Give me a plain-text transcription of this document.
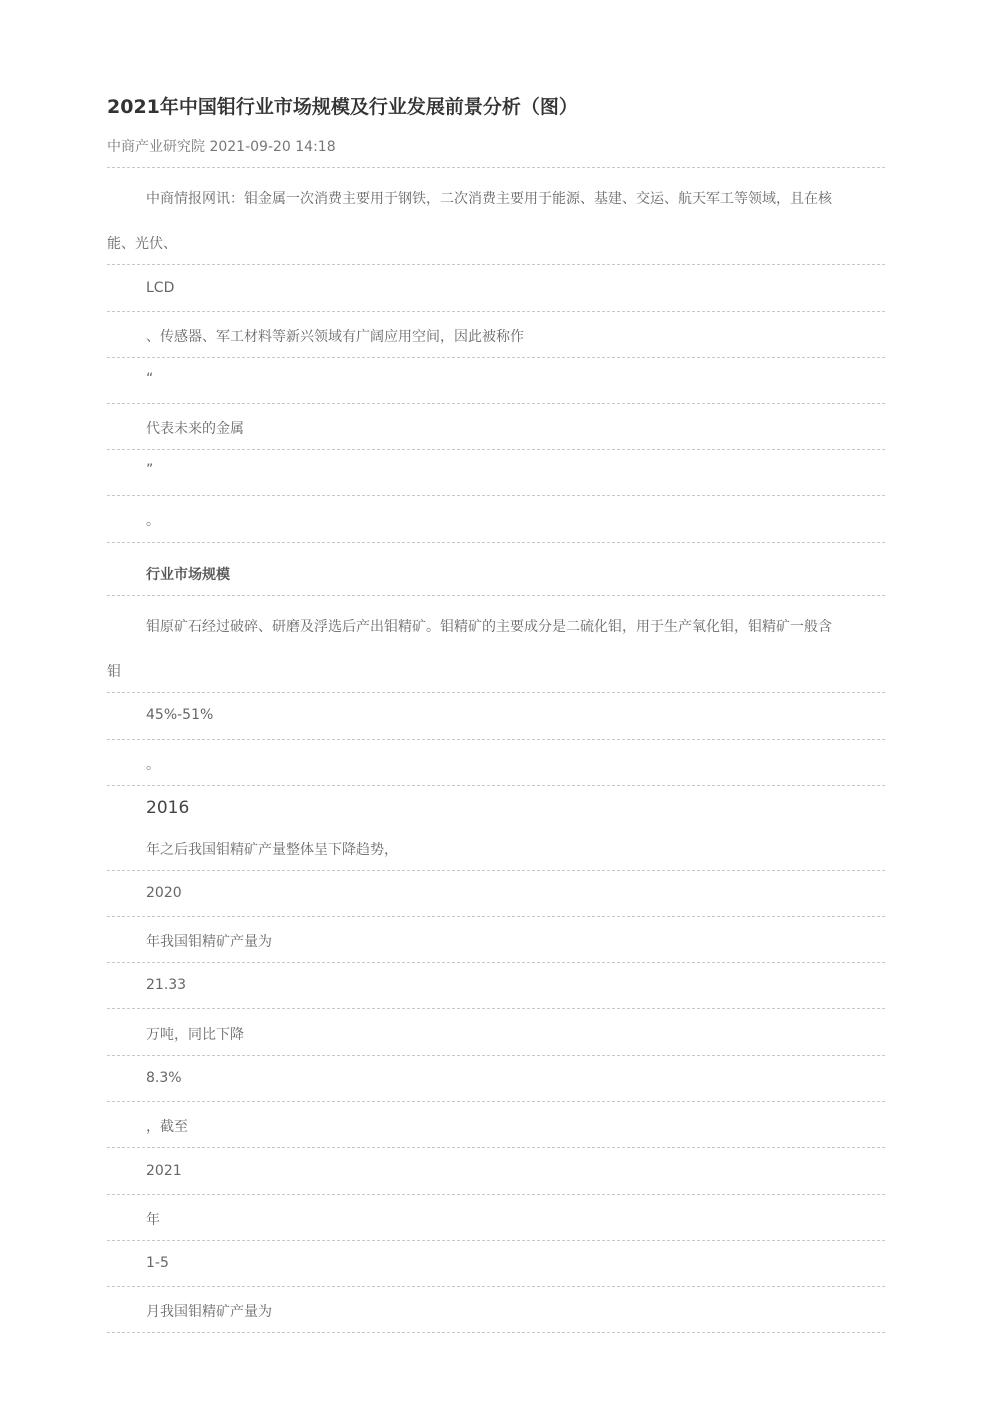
2021年中国钼行业市场规模及行业发展前景分析（图）
中商产业研究院 2021-09-20 14:18
中商情报网讯：钼金属一次消费主要用于钢铁，二次消费主要用于能源、基建、交运、航天军工等领域，且在核
能、光伏、
LCD
、传感器、军工材料等新兴领域有广阔应用空间，因此被称作
“
代表未来的金属
”
。
行业市场规模
钼原矿石经过破碎、研磨及浮选后产出钼精矿。钼精矿的主要成分是二硫化钼，用于生产氧化钼，钼精矿一般含
钼
45%-51%
。
2016
年之后我国钼精矿产量整体呈下降趋势，
2020
年我国钼精矿产量为
21.33
万吨，同比下降
8.3%
，截至
2021
年
1-5
月我国钼精矿产量为
